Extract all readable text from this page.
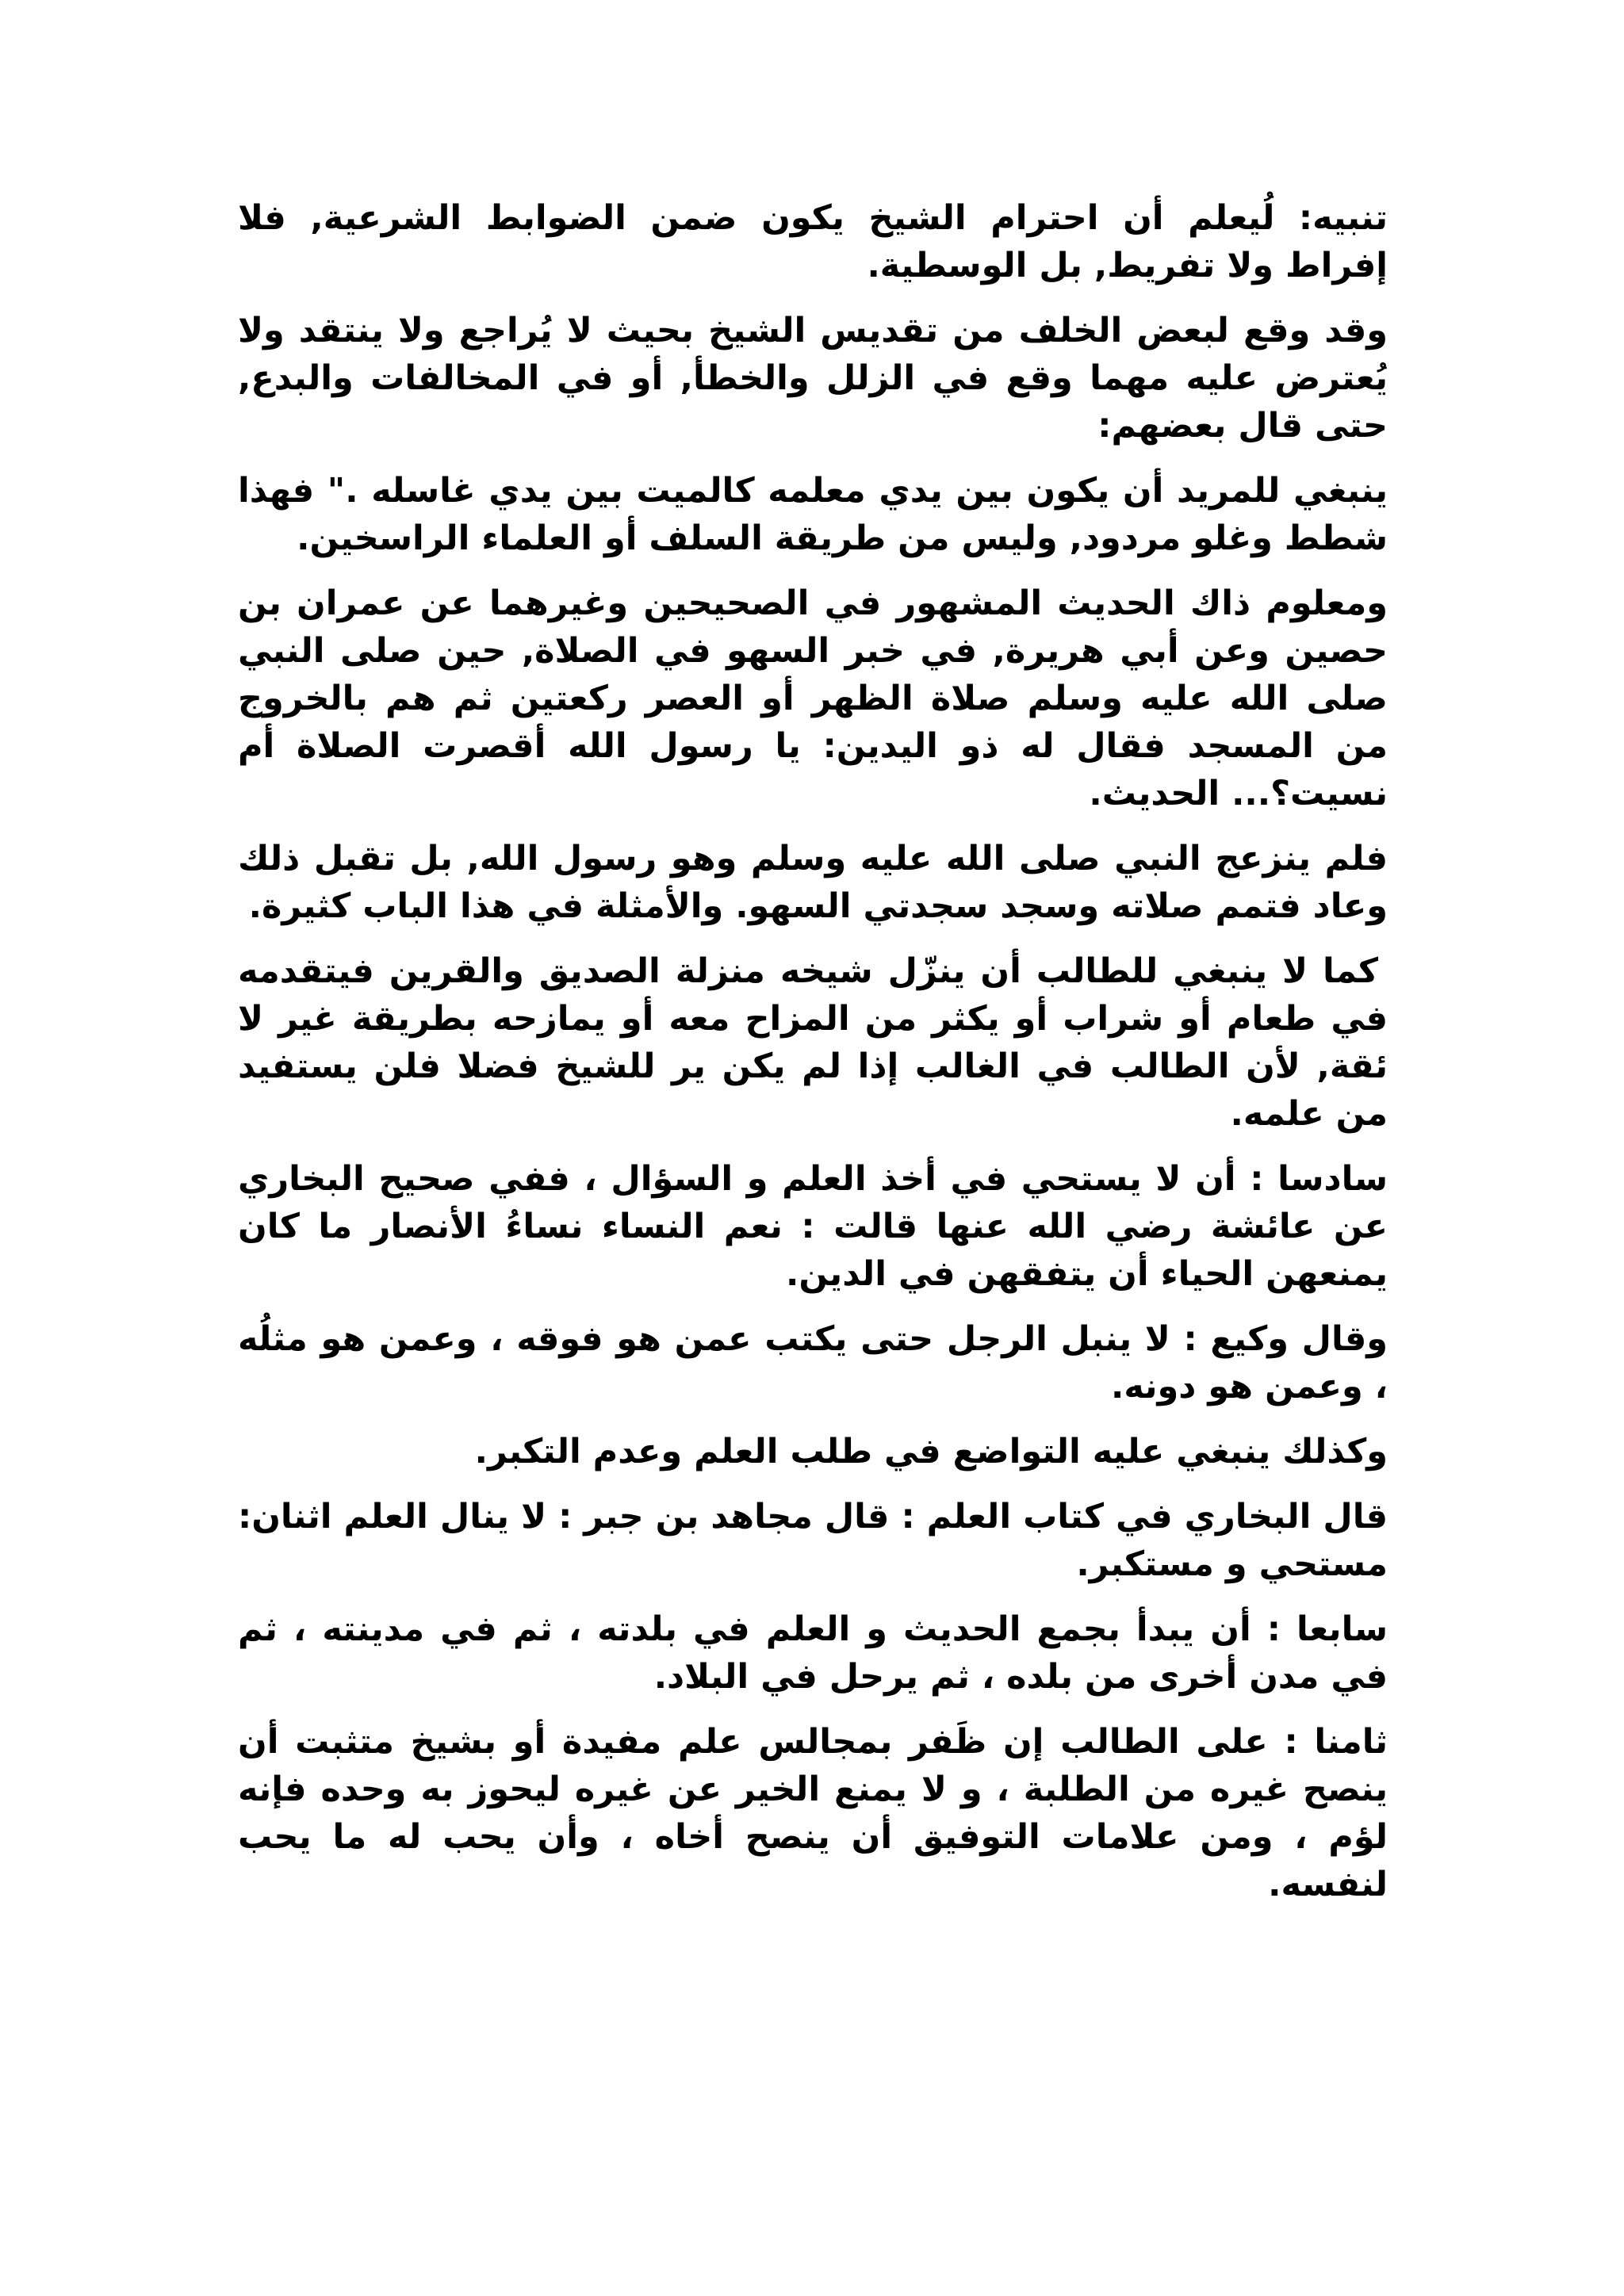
تنبيه: لُيعلم أن احترام الشيخ يكون ضمن الضوابط الشرعية, فلا إفراط ولا تفريط, بل الوسطية.

وقد وقع لبعض الخلف من تقديس الشيخ بحيث لا يُراجع ولا ينتقد ولا يُعترض عليه مهما وقع في الزلل والخطأ, أو في المخالفات والبدع, حتى قال بعضهم:

ينبغي للمريد أن يكون بين يدي معلمه كالميت بين يدي غاسله ." فهذا شطط وغلو مردود, وليس من طريقة السلف أو العلماء الراسخين.

ومعلوم ذاك الحديث المشهور في الصحيحين وغيرهما عن عمران بن حصين وعن أبي هريرة, في خبر السهو في الصلاة, حين صلى النبي صلى الله عليه وسلم صلاة الظهر أو العصر ركعتين ثم هم بالخروج من المسجد فقال له ذو اليدين: يا رسول الله أقصرت الصلاة أم نسيت؟... الحديث.

فلم ينزعج النبي صلى الله عليه وسلم وهو رسول الله, بل تقبل ذلك وعاد فتمم صلاته وسجد سجدتي السهو. والأمثلة في هذا الباب كثيرة.

كما لا ينبغي للطالب أن ينزّل شيخه منزلة الصديق والقرين فيتقدمه في طعام أو شراب أو يكثر من المزاح معه أو يمازحه بطريقة غير لا ئقة, لأن الطالب في الغالب إذا لم يكن ير للشيخ فضلا فلن يستفيد من علمه.

سادسا : أن لا يستحي في أخذ العلم و السؤال ، ففي صحيح البخاري عن عائشة رضي الله عنها قالت : نعم النساء نساءُ الأنصار ما كان يمنعهن الحياء أن يتفقهن في الدين.

وقال وكيع : لا ينبل الرجل حتى يكتب عمن هو فوقه ، وعمن هو مثلُه ، وعمن هو دونه.

وكذلك ينبغي عليه التواضع في طلب العلم وعدم التكبر.

قال البخاري في كتاب العلم : قال مجاهد بن جبر : لا ينال العلم اثنان: مستحي و مستكبر.

سابعا : أن يبدأ بجمع الحديث و العلم في بلدته ، ثم في مدينته ، ثم في مدن أخرى من بلده ، ثم يرحل في البلاد.

ثامنا : على الطالب إن ظَفر بمجالس علم مفيدة أو بشيخ متثبت أن ينصح غيره من الطلبة ، و لا يمنع الخير عن غيره ليحوز به وحده فإنه لؤم ، ومن علامات التوفيق أن ينصح أخاه ، وأن يحب له ما يحب لنفسه.
